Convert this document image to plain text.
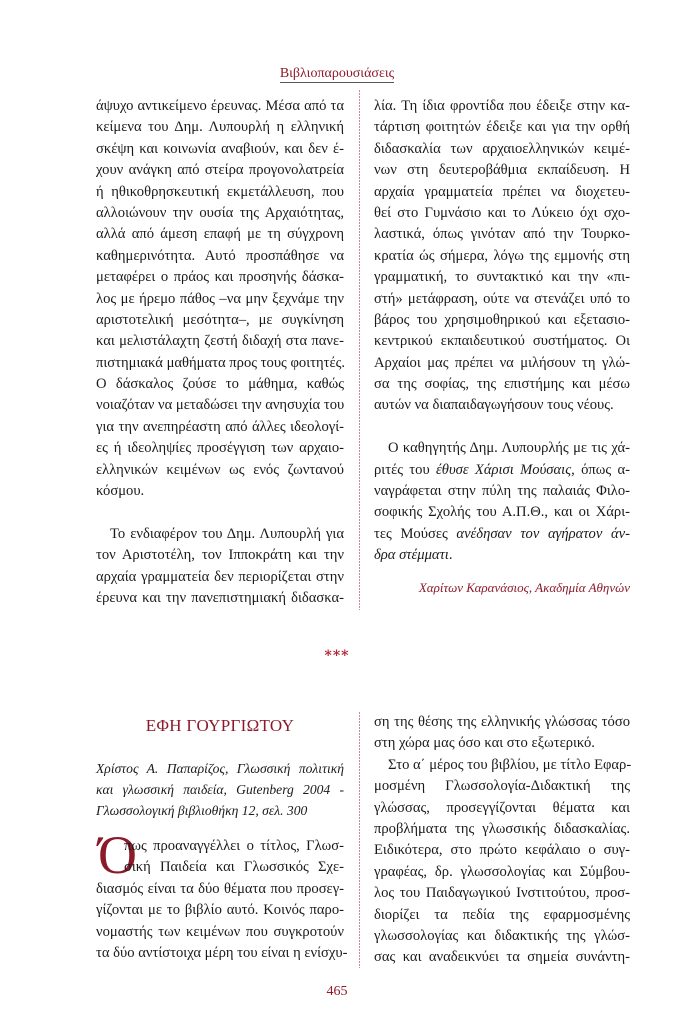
Βιβλιοπαρουσιάσεις
άψυχο αντικείμενο έρευνας. Μέσα από τα
κείμενα του Δημ. Λυπουρλή η ελληνική
σκέψη και κοινωνία αναβιούν, και δεν έ-
χουν ανάγκη από στείρα προγονολατρεία
ή ηθικοθρησκευτική εκμετάλλευση, που
αλλοιώνουν την ουσία της Αρχαιότητας,
αλλά από άμεση επαφή με τη σύγχρονη
καθημερινότητα. Αυτό προσπάθησε να
μεταφέρει ο πράος και προσηνής δάσκα-
λος με ήρεμο πάθος –να μην ξεχνάμε την
αριστοτελική μεσότητα–, με συγκίνηση
και μελιστάλαχτη ζεστή διδαχή στα πανε-
πιστημιακά μαθήματα προς τους φοιτητές.
Ο δάσκαλος ζούσε το μάθημα, καθώς
νοιαζόταν να μεταδώσει την ανησυχία του
για την ανεπηρέαστη από άλλες ιδεολογί-
ες ή ιδεοληψίες προσέγγιση των αρχαιο-
ελληνικών κειμένων ως ενός ζωντανού
κόσμου.
Το ενδιαφέρον του Δημ. Λυπουρλή για
τον Αριστοτέλη, τον Ιπποκράτη και την
αρχαία γραμματεία δεν περιορίζεται στην
έρευνα και την πανεπιστημιακή διδασκα-
λία. Τη ίδια φροντίδα που έδειξε στην κα-
τάρτιση φοιτητών έδειξε και για την ορθή
διδασκαλία των αρχαιοελληνικών κειμέ-
νων στη δευτεροβάθμια εκπαίδευση. Η
αρχαία γραμματεία πρέπει να διοχετευ-
θεί στο Γυμνάσιο και το Λύκειο όχι σχο-
λαστικά, όπως γινόταν από την Τουρκο-
κρατία ώς σήμερα, λόγω της εμμονής στη
γραμματική, το συντακτικό και την «πι-
στή» μετάφραση, ούτε να στενάζει υπό το
βάρος του χρησιμοθηρικού και εξετασιο-
κεντρικού εκπαιδευτικού συστήματος. Οι
Αρχαίοι μας πρέπει να μιλήσουν τη γλώ-
σα της σοφίας, της επιστήμης και μέσω
αυτών να διαπαιδαγωγήσουν τους νέους.
Ο καθηγητής Δημ. Λυπουρλής με τις χά-
ριτές του έθυσε Χάρισι Μούσαις, όπως α-
ναγράφεται στην πύλη της παλαιάς Φιλο-
σοφικής Σχολής του Α.Π.Θ., και οι Χάρι-
τες Μούσες ανέδησαν τον αγήρατον άν-
δρα στέμματι.
Χαρίτων Καρανάσιος, Ακαδημία Αθηνών
***
ΕΦΗ ΓΟΥΡΓΙΩΤΟΥ
Χρίστος Α. Παπαρίζος, Γλωσσική πολιτική
και γλωσσική παιδεία, Gutenberg 2004 -
Γλωσσολογική βιβλιοθήκη 12, σελ. 300
Ό
πως προαναγγέλλει ο τίτλος, Γλωσ-
σική Παιδεία και Γλωσσικός Σχε-
διασμός είναι τα δύο θέματα που προσεγ-
γίζονται με το βιβλίο αυτό. Κοινός παρο-
νομαστής των κειμένων που συγκροτούν
τα δύο αντίστοιχα μέρη του είναι η ενίσχυ-
ση της θέσης της ελληνικής γλώσσας τόσο
στη χώρα μας όσο και στο εξωτερικό.
Στο α΄ μέρος του βιβλίου, με τίτλο Εφαρ-
μοσμένη Γλωσσολογία-Διδακτική της
γλώσσας, προσεγγίζονται θέματα και
προβλήματα της γλωσσικής διδασκαλίας.
Ειδικότερα, στο πρώτο κεφάλαιο ο συγ-
γραφέας, δρ. γλωσσολογίας και Σύμβου-
λος του Παιδαγωγικού Ινστιτούτου, προσ-
διορίζει τα πεδία της εφαρμοσμένης
γλωσσολογίας και διδακτικής της γλώσ-
σας και αναδεικνύει τα σημεία συνάντη-
465
